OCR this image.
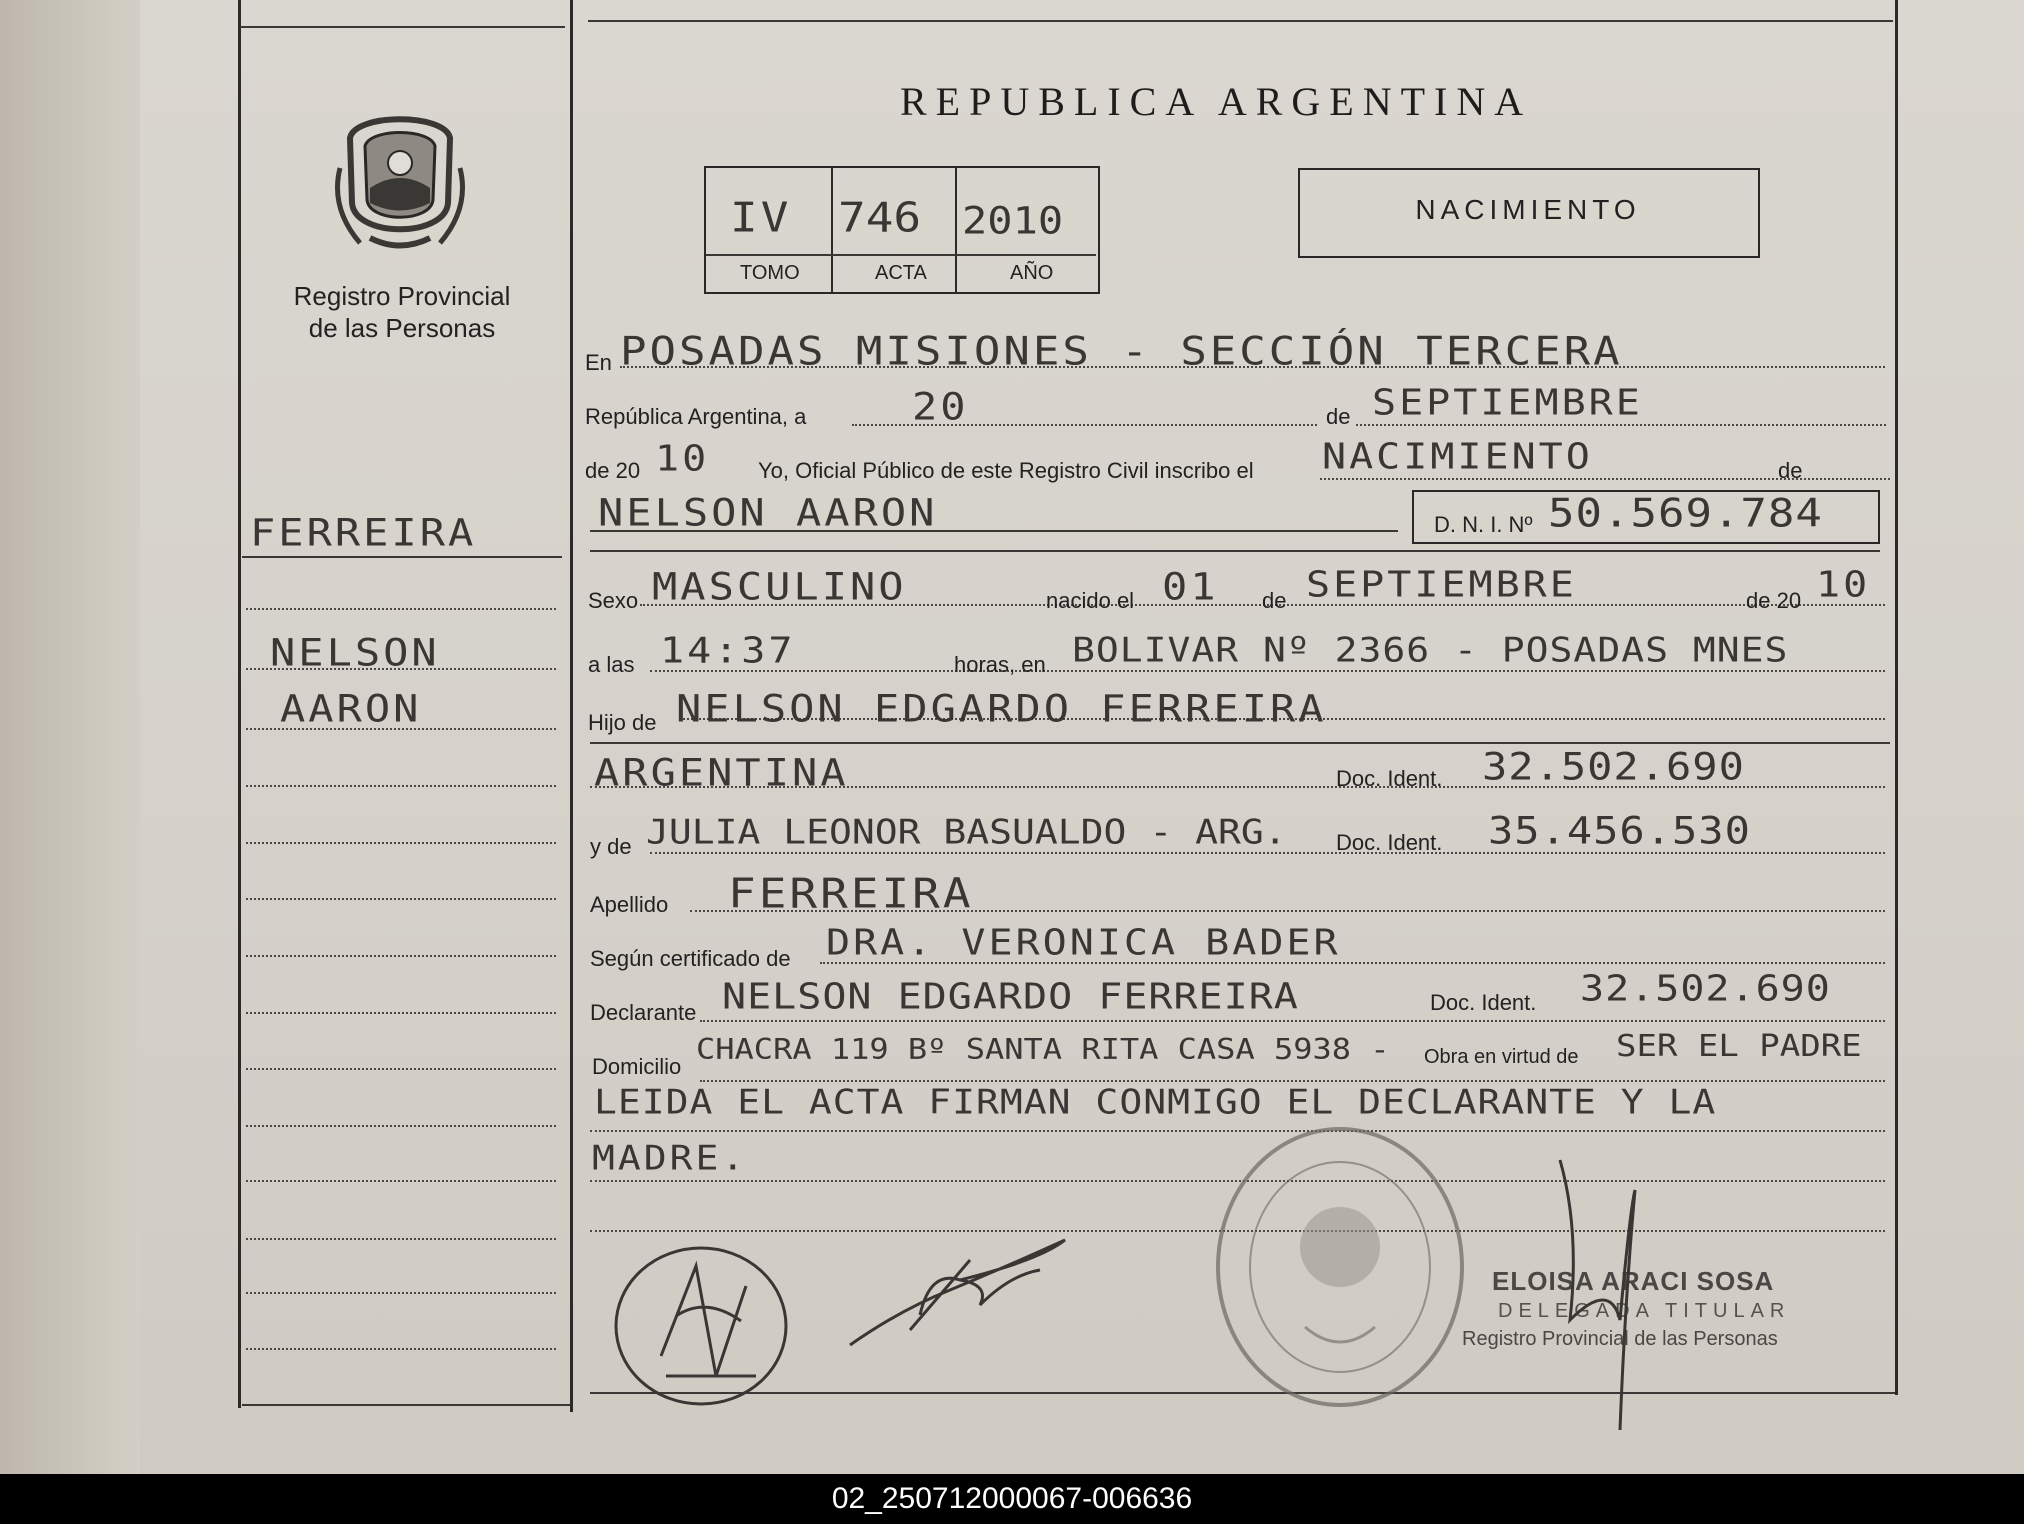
Registro Provincial
de las Personas
REPUBLICA ARGENTINA
IV 746 2010
TOMO	ACTA	AÑO
NACIMIENTO
FERREIRA
NELSON
AARON
En POSADAS MISIONES - SECCIÓN TERCERA
República Argentina, a	20	de SEPTIEMBRE
de 20 10 Yo, Oficial Público de este Registro Civil inscribo el NACIMIENTO	de
NELSON AARON	D. N. I. Nº 50.569.784
Sexo MASCULINO	nacido el 01 de SEPTIEMBRE	de 20 10
a las 14:37	horas, en BOLIVAR Nº 2366 - POSADAS MNES
Hijo de NELSON EDGARDO FERREIRA
ARGENTINA	Doc. Ident. 32.502.690
y de JULIA LEONOR BASUALDO - ARG. Doc. Ident. 35.456.530
Apellido FERREIRA
Según certificado de DRA. VERONICA BADER
Declarante NELSON EDGARDO FERREIRA	Doc. Ident. 32.502.690
Domicilio
CHACRA 119 Bº SANTA RITA CASA 5938 - Obra en virtud de SER EL PADRE
LEIDA EL ACTA FIRMAN CONMIGO EL DECLARANTE Y LA
MADRE.
ELOISA ARACI SOSA
DELEGADA TITULAR
Registro Provincial de las Personas
02_250712000067-006636
